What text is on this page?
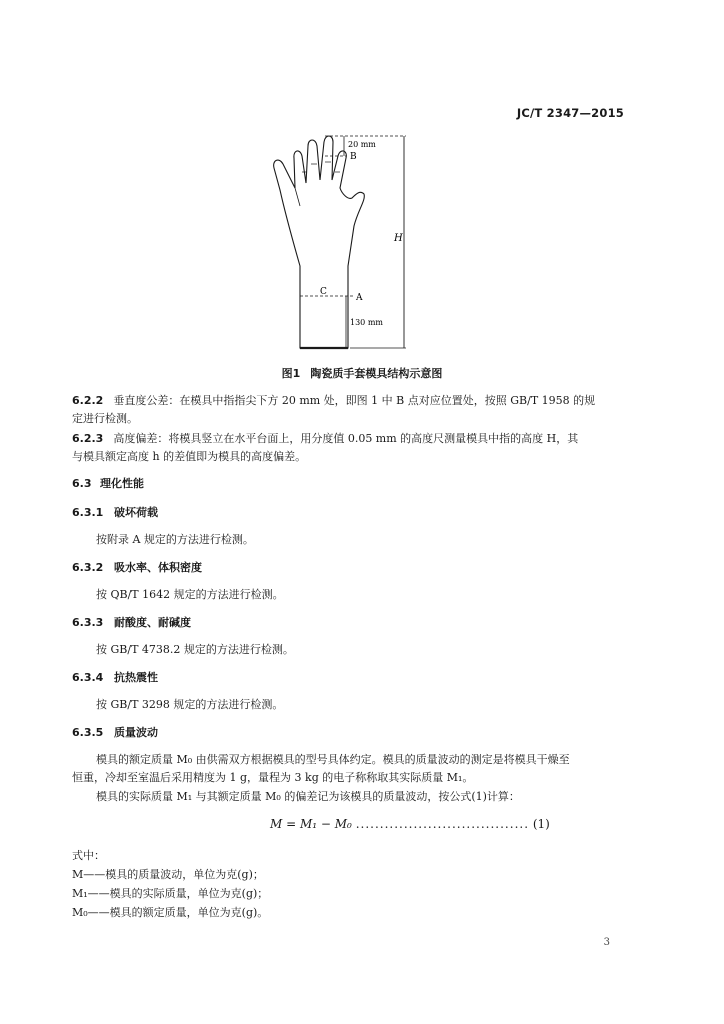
JC/T 2347—2015
20 mm
B
H
C
A
130 mm
图1 陶瓷质手套模具结构示意图
6.2.2 垂直度公差：在模具中指指尖下方 20 mm 处，即图 1 中 B 点对应位置处，按照 GB/T 1958 的规
定进行检测。
6.2.3 高度偏差：将模具竖立在水平台面上，用分度值 0.05 mm 的高度尺测量模具中指的高度 H，其
与模具额定高度 h 的差值即为模具的高度偏差。
6.3 理化性能
6.3.1 破坏荷载
按附录 A 规定的方法进行检测。
6.3.2 吸水率、体积密度
按 QB/T 1642 规定的方法进行检测。
6.3.3 耐酸度、耐碱度
按 GB/T 4738.2 规定的方法进行检测。
6.3.4 抗热震性
按 GB/T 3298 规定的方法进行检测。
6.3.5 质量波动
模具的额定质量 M₀ 由供需双方根据模具的型号具体约定。模具的质量波动的测定是将模具干燥至
恒重，冷却至室温后采用精度为 1 g，量程为 3 kg 的电子称称取其实际质量 M₁。
模具的实际质量 M₁ 与其额定质量 M₀ 的偏差记为该模具的质量波动，按公式(1)计算：
M = M₁ − M₀ .................................... (1)
式中：
M——模具的质量波动，单位为克(g)；
M₁——模具的实际质量，单位为克(g)；
M₀——模具的额定质量，单位为克(g)。
3
